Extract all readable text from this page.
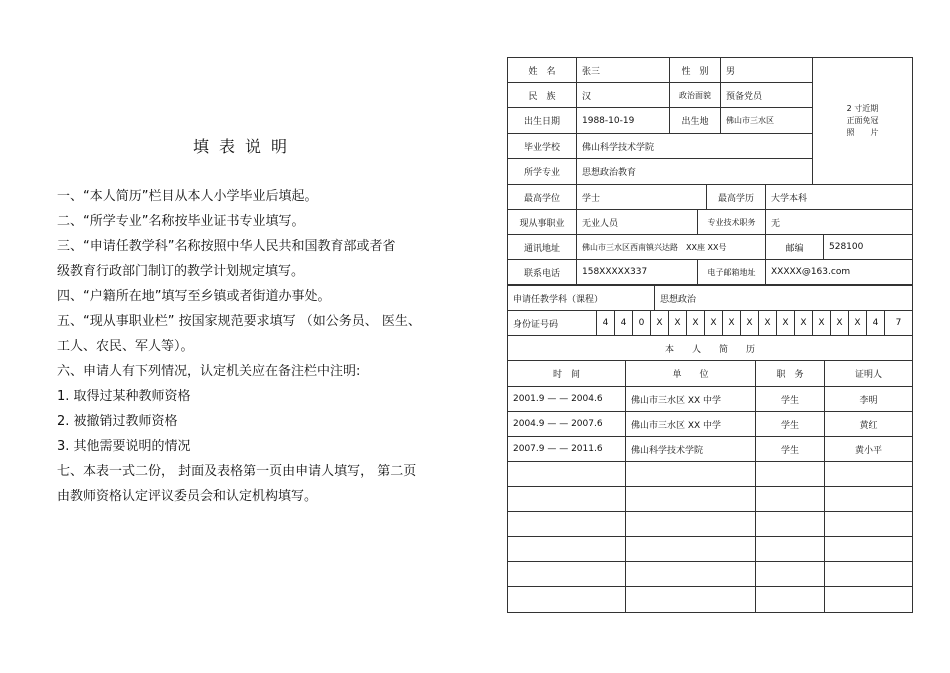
填 表 说 明
一、“本人简历”栏目从本人小学毕业后填起。
二、“所学专业”名称按毕业证书专业填写。
三、“申请任教学科”名称按照中华人民共和国教育部或者省
级教育行政部门制订的教学计划规定填写。
四、“户籍所在地”填写至乡镇或者街道办事处。
五、“现从事职业栏” 按国家规范要求填写 （如公务员、 医生、
工人、农民、军人等）。
六、申请人有下列情况，认定机关应在备注栏中注明:
1. 取得过某种教师资格
2. 被撤销过教师资格
3. 其他需要说明的情况
七、本表一式二份， 封面及表格第一页由申请人填写， 第二页
由教师资格认定评议委员会和认定机构填写。
姓　名	张三	性　别	男
2 寸近期
正面免冠
照　　片
民　族	汉	政治面貌	预备党员
出生日期	1988-10-19	出生地	佛山市三水区
毕业学校	佛山科学技术学院
所学专业	思想政治教育
最高学位	学士	最高学历	大学本科
现从事职业	无业人员	专业技术职务	无
通讯地址	佛山市三水区西南镇兴达路　XX座 XX号	邮编	528100
联系电话	158XXXXX337	电子邮箱地址	XXXXX@163.com
申请任教学科（课程）	思想政治
身份证号码	4	4	0	X	X	X	X	X	X	X	X	X	X	X	X	4	7
本　　人　　简　　历
时　间	单　　位	职　务	证明人
2001.9 — — 2004.6	佛山市三水区 XX 中学	学生	李明
2004.9 — — 2007.6	佛山市三水区 XX 中学	学生	黄红
2007.9 — — 2011.6	佛山科学技术学院	学生	黄小平
